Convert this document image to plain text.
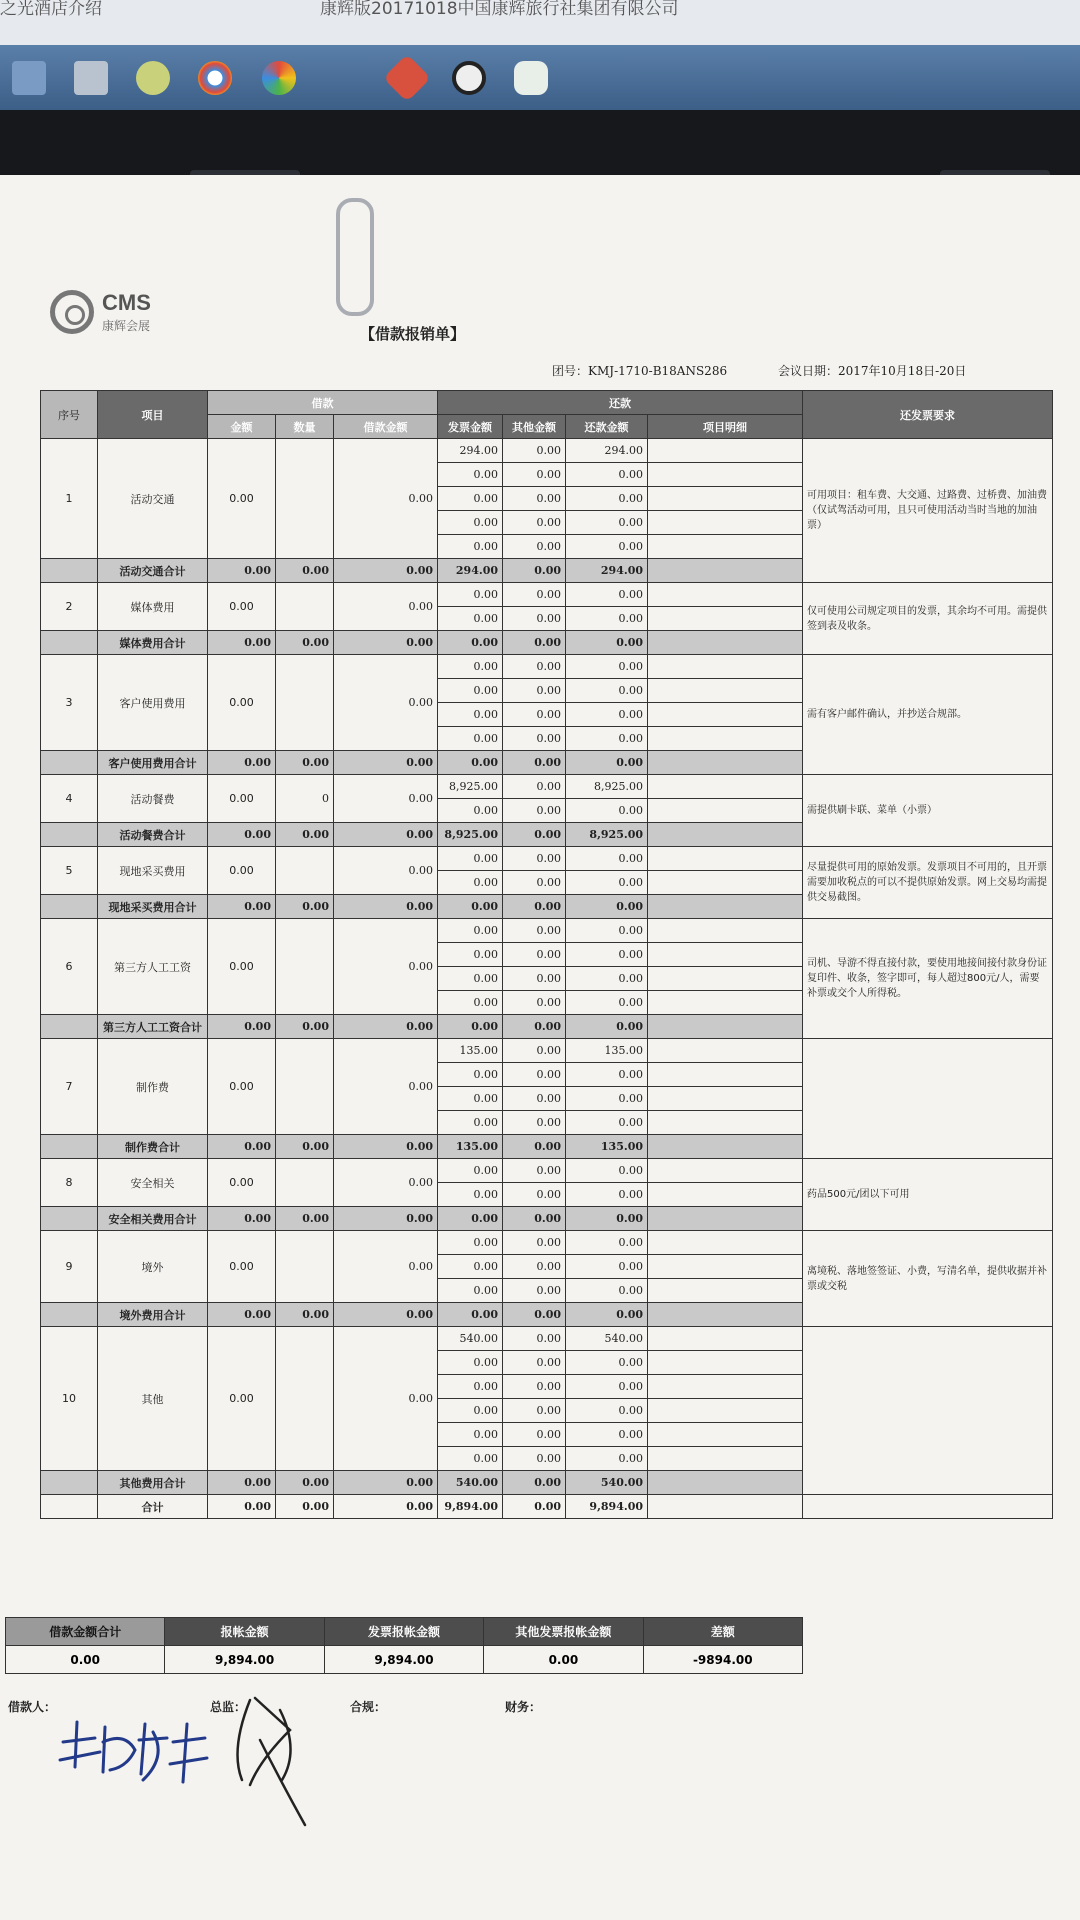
之光酒店介绍	康辉版20171018中国康辉旅行社集团有限公司
CMS
康辉会展	【借款报销单】
团号：KMJ-1710-B18ANS286	会议日期：2017年10月18日-20日
序号	项目	借款			还款				还发票要求
		金额	数量	借款金额	发票金额	其他金额	还款金额	项目明细	
1	活动交通	0.00		0.00	294.00	0.00	294.00		可用项目：租车费、大交通、过路费、过桥费、加油费（仅试驾活动可用，且只可使用活动当时当地的加油票）
					0.00	0.00	0.00		
					0.00	0.00	0.00		
					0.00	0.00	0.00		
					0.00	0.00	0.00		
	活动交通合计	0.00	0.00	0.00	294.00	0.00	294.00		
2	媒体费用	0.00		0.00	0.00	0.00	0.00		仅可使用公司规定项目的发票，其余均不可用。需提供签到表及收条。
					0.00	0.00	0.00		
	媒体费用合计	0.00	0.00	0.00	0.00	0.00	0.00		
3	客户使用费用	0.00		0.00	0.00	0.00	0.00		需有客户邮件确认，并抄送合规部。
					0.00	0.00	0.00		
					0.00	0.00	0.00		
					0.00	0.00	0.00		
	客户使用费用合计	0.00	0.00	0.00	0.00	0.00	0.00		
4	活动餐费	0.00	0	0.00	8,925.00	0.00	8,925.00		需提供刷卡联、菜单（小票）
					0.00	0.00	0.00		
	活动餐费合计	0.00	0.00	0.00	8,925.00	0.00	8,925.00		
5	现地采买费用	0.00		0.00	0.00	0.00	0.00		尽量提供可用的原始发票。发票项目不可用的，且开票需要加收税点的可以不提供原始发票。网上交易均需提供交易截图。
					0.00	0.00	0.00		
	现地采买费用合计	0.00	0.00	0.00	0.00	0.00	0.00		
6	第三方人工工资	0.00		0.00	0.00	0.00	0.00		司机、导游不得直接付款，要使用地接间接付款身份证复印件、收条，签字即可，每人超过800元/人，需要补票或交个人所得税。
					0.00	0.00	0.00		
					0.00	0.00	0.00		
					0.00	0.00	0.00		
	第三方人工工资合计	0.00	0.00	0.00	0.00	0.00	0.00		
7	制作费	0.00		0.00	135.00	0.00	135.00		
					0.00	0.00	0.00		
					0.00	0.00	0.00		
					0.00	0.00	0.00		
	制作费合计	0.00	0.00	0.00	135.00	0.00	135.00		
8	安全相关	0.00		0.00	0.00	0.00	0.00		药品500元/团以下可用
					0.00	0.00	0.00		
	安全相关费用合计	0.00	0.00	0.00	0.00	0.00	0.00		
9	境外	0.00		0.00	0.00	0.00	0.00		离境税、落地签签证、小费，写清名单，提供收据并补票或交税
					0.00	0.00	0.00		
					0.00	0.00	0.00		
	境外费用合计	0.00	0.00	0.00	0.00	0.00	0.00		
10	其他	0.00		0.00	540.00	0.00	540.00		
					0.00	0.00	0.00		
					0.00	0.00	0.00		
					0.00	0.00	0.00		
					0.00	0.00	0.00		
					0.00	0.00	0.00		
	其他费用合计	0.00	0.00	0.00	540.00	0.00	540.00		
	合计	0.00	0.00	0.00	9,894.00	0.00	9,894.00		
借款金额合计	报帐金额	发票报帐金额	其他发票报帐金额	差额
0.00	9,894.00	9,894.00	0.00	-9894.00
借款人：	总监：	合规：	财务：
